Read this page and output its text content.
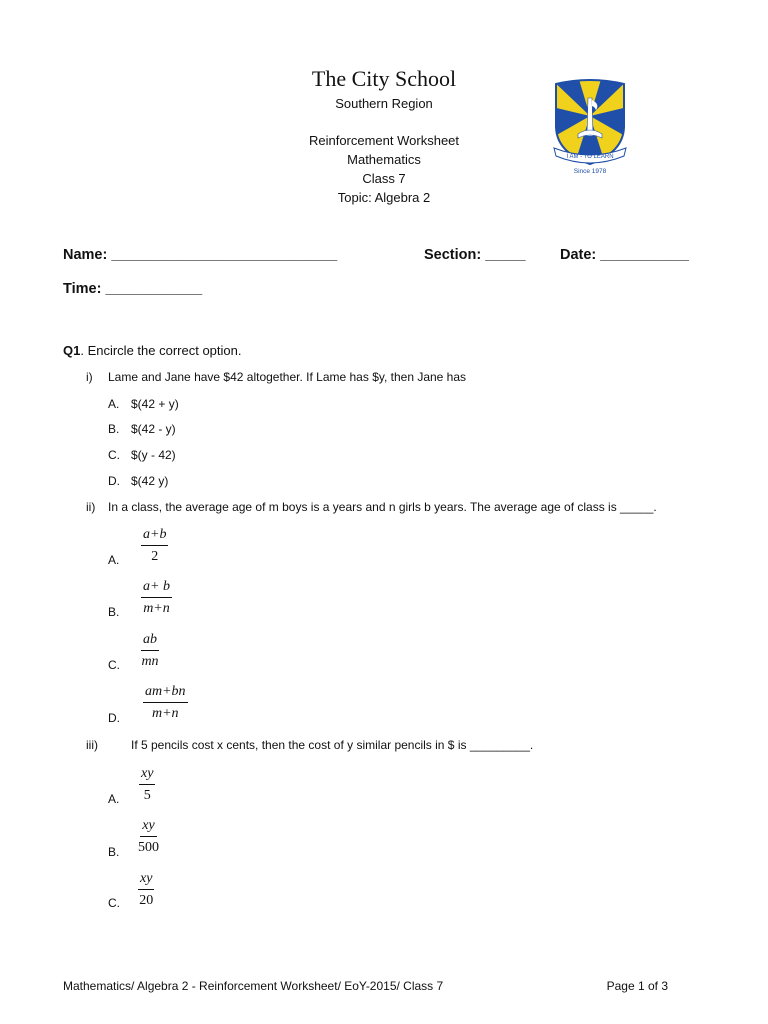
The City School
Southern Region
Reinforcement Worksheet
Mathematics
Class 7
Topic: Algebra 2
I AM - TO LEARN
Since 1978
Name: ____________________________	Section: _____ Date: ___________
Time: ____________
Q1. Encircle the correct option.
i) Lame and Jane have $42 altogether. If Lame has $y, then Jane has
A. $(42 + y)
B. $(42 - y)
C. $(y - 42)
D. $(42 y)
ii) In a class, the average age of m boys is a years and n girls b years. The average age of class is _____.
A. $\frac{a+b}{2}$
B. $\frac{a+ b}{m+n}$
C. $\frac{ab}{mn}$
D. $\frac{am+bn}{m+n}$
iii)	If 5 pencils cost x cents, then the cost of y similar pencils in $ is _________.
A. $\frac{xy}{5}$
B. $\frac{xy}{500}$
C. $\frac{xy}{20}$
Mathematics/ Algebra 2 - Reinforcement Worksheet/ EoY-2015/ Class 7	Page 1 of 3
